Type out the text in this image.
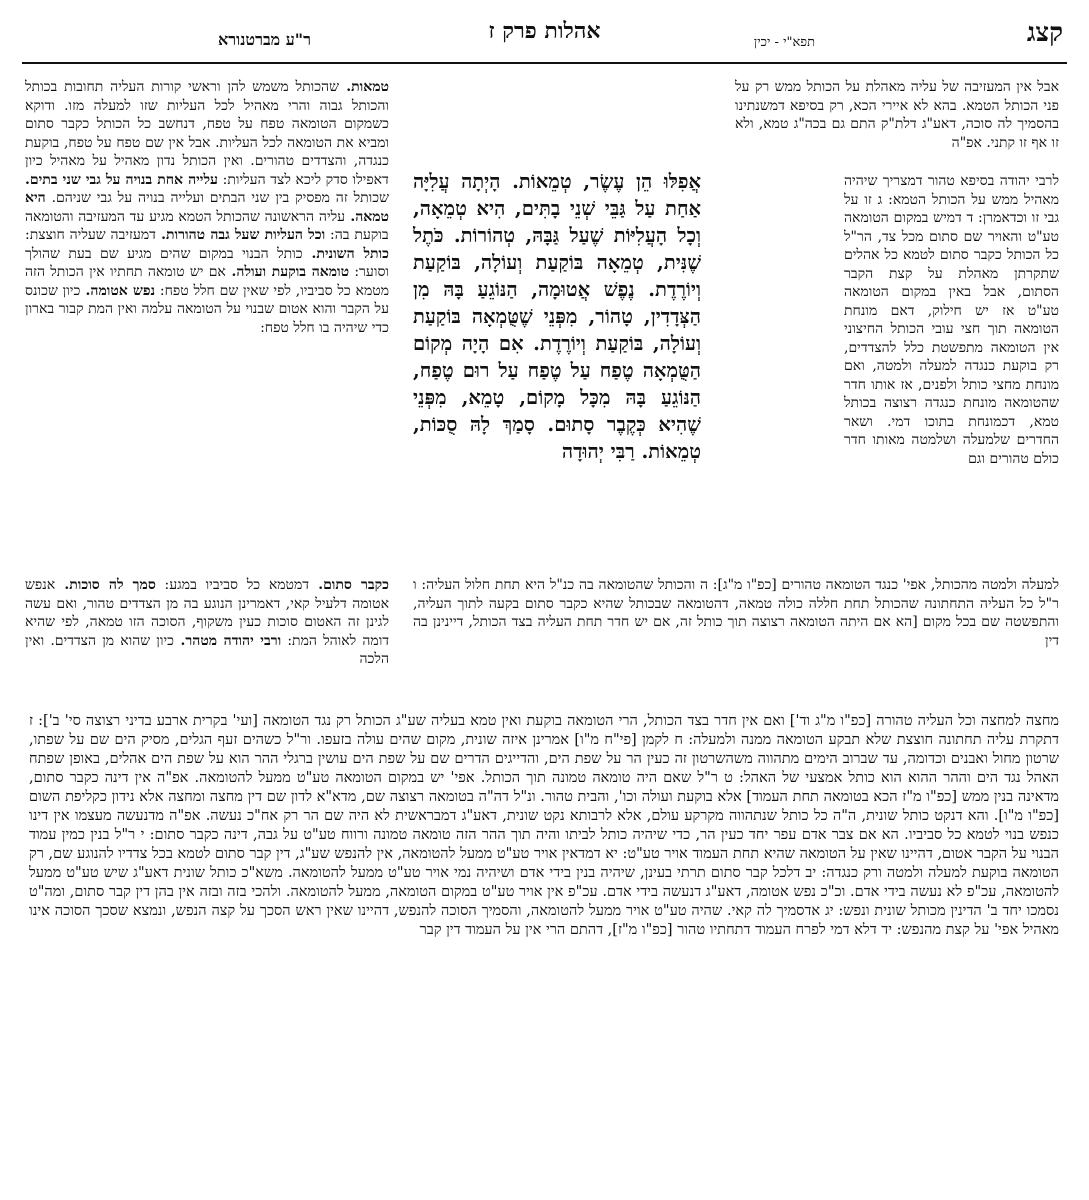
קצג
תפא"י - יכין
אהלות פרק ז
ר"ע מברטנורא
אבל אין המעזיבה של עליה מאהלת על הכותל ממש רק על פני הכותל הטמא. בהא לא איירי הכא, רק בסיפא דמשנתינו בהסמיך לה סוכה, דאע"ג דלת"ק התם גם בכה"ג טמא, ולא זו אף זו קתני. אפ"ה
לרבי יהודה בסיפא טהור דמצריך שיהיה מאהיל ממש על הכותל הטמא: ג זו על גבי זו וכדאמרן: ד דמיש במקום הטומאה טע"ט והאויר שם סתום מכל צד, הר"ל כל הכותל כקבר סתום לטמא כל אהלים שתקרתן מאהלת על קצת הקבר הסתום, אבל באין במקום הטומאה טע"ט אז יש חילוק, דאם מונחת הטומאה תוך חצי עובי הכותל החיצוני אין הטומאה מתפשטת כלל להצדדים, רק בוקעת כנגדה למעלה ולמטה, ואם מונחת מחצי כותל ולפנים, אז אותו חדר שהטומאה מונחת כנגדה רצוצה בכותל טמא, דכמונחת בתוכו דמי. ושאר החדרים שלמעלה ושלמטה מאותו חדר כולם טהורים וגם
אֲפִלּוּ הֵן עֶשֶׂר, טְמֵאוֹת. הָיְתָה עֲלִיָּה אַחַת עַל גַּבֵּי שְׁנֵי בָתִּים, הִיא טְמֵאָה, וְכָל הָעֲלִיּוֹת שֶׁעַל גַּבָּהּ, טְהוֹרוֹת. כֹּתֶל שֶׁנִּית, טְמֵאָה בּוֹקַעַת וְעוֹלָה, בּוֹקַעַת וְיוֹרֶדֶת. נֶפֶשׁ אֲטוּמָה, הַנּוֹגֵעַ בָּהּ מִן הַצְּדָדִין, טָהוֹר, מִפְּנֵי שֶׁטֻּמְאָה בּוֹקַעַת וְעוֹלָה, בּוֹקַעַת וְיוֹרֶדֶת. אִם הָיָה מְקוֹם הַטֻּמְאָה טֶפַח עַל טֶפַח עַל רוּם טֶפַח, הַנּוֹגֵעַ בָּהּ מִכָּל מָקוֹם, טָמֵא, מִפְּנֵי שֶׁהִיא כְּקֶבֶר סָתוּם. סָמַךְ לָהּ סֻכּוֹת, טְמֵאוֹת. רַבִּי יְהוּדָה
טמאות. שהכותל משמש להן וראשי קורות העליה תחובות בכותל והכותל גבוה והרי מאהיל לכל העליות שזו למעלה מזו. ודוקא כשמקום הטומאה טפח על טפח, דנחשב כל הכותל כקבר סתום ומביא את הטומאה לכל העליות. אבל אין שם טפח על טפח, בוקעת כנגדה, והצדדים טהורים. ואין הכותל נדון מאהיל על מאהיל כיון דאפילו סדק ליכא לצד העליות: עלייה אחת בנויה על גבי שני בתים. שכותל זה מפסיק בין שני הבתים ועלייה בנויה על גבי שניהם. היא טמאה. עליה הראשונה שהכותל הטמא מגיע עד המעזיבה והטומאה בוקעת בה: וכל העליות שעל גבה טהורות. דמעזיבה שעליה חוצצת: כותל השונית. כותל הבנוי במקום שהים מגיע שם בעת שהולך וסוער: טומאה בוקעת ועולה. אם יש טומאה תחתיו אין הכותל הזה מטמא כל סביביו, לפי שאין שם חלל טפח: נפש אטומה. כיון שכונס על הקבר והוא אטום שבנוי על הטומאה עלמה ואין המת קבור בארון כדי שיהיה בו חלל טפח:
כקבר סתום. דמטמא כל סביביו במגע: סמך לה סוכות. אנפש אטומה דלעיל קאי, דאמרינן הנוגע בה מן הצדדים טהור, ואם עשה לגינן זה האטום סוכות כעין משקוף, הסוכה הזו טמאה, לפי שהיא דומה לאוהל המת: ורבי יהודה מטהר. כיון שהוא מן הצדדים. ואין הלכה
למעלה ולמטה מהכותל, אפי' כנגד הטומאה טהורים [כפ"ו מ"ג]: ה והכותל שהטומאה בה כנ"ל היא תחת חלול העליה: ו ר"ל כל העליה התחתונה שהכותל תחת חללה כולה טמאה, דהטומאה שבכותל שהיא כקבר סתום בקעה לתוך העליה, והתפשטה שם בכל מקום [הא אם היתה הטומאה רצוצה תוך כותל זה, אם יש חדר תחת העליה בצד הכותל, דיינינן בה דין
מחצה למחצה וכל העליה טהורה [כפ"ו מ"ג וד'] ואם אין חדר בצד הכותל, הרי הטומאה בוקעת ואין טמא בעליה שע"ג הכותל רק נגד הטומאה [ועי' בקרית ארבע בדיני רצוצה סי' ב']: ז דתקרת עליה תחתונה חוצצת שלא תבקע הטומאה ממנה ולמעלה: ח לקמן [פי"ח מ"ו] אמרינן איזה שונית, מקום שהים עולה בזעפו. ור"ל כשהים זעף הגלים, מסיק הים שם על שפתו, שרטון מחול ואבנים וכדומה, עד שברוב הימים מתהווה משהשרטון זה כעין הר על שפת הים, והדייגים הדרים שם על שפת הים עושין ברגלי ההר הוא על שפת הים אהלים, באופן שפתח האהל נגד הים וההר ההוא הוא כותל אמצעי של האהל: ט ר"ל שאם היה טומאה טמונה תוך הכותל. אפי' יש במקום הטומאה טע"ט ממעל להטומאה. אפ"ה אין דינה כקבר סתום, מדאינה בנין ממש [כפ"ו מ"ז הכא בטומאה תחת העמוד] אלא בוקעת ועולה וכו', והבית טהור. ונ"ל דה"ה בטומאה רצוצה שם, מדא"א לדון שם דין מחצה ומחצה אלא נידון כקליפת השום [כפ"ו מ"ו]. והא דנקט כותל שונית, ה"ה כל כותל שנתהווה מקרקע עולם, אלא לרבותא נקט שונית, דאע"ג דמבראשית לא היה שם הר רק אח"כ נעשה. אפ"ה מדנעשה מעצמו אין דינו כנפש בנוי לטמא כל סביביו. הא אם צבר אדם עפר יחד כעין הר, כדי שיהיה כותל לביתו והיה תוך ההר הזה טומאה טמונה ורווח טע"ט על גבה, דינה כקבר סתום: י ר"ל בנין כמין עמוד הבנוי על הקבר אטום, דהיינו שאין על הטומאה שהיא תחת העמוד אויר טע"ט: יא דמדאין אויר טע"ט ממעל להטומאה, אין להנפש שע"ג, דין קבר סתום לטמא בכל צדדיו להנוגע שם, רק הטומאה בוקעת למעלה ולמטה ורק כנגדה: יב דלכל קבר סתום תרתי בעינן, שיהיה בנין בידי אדם ושיהיה נמי אויר טע"ט ממעל להטומאה. משא"כ כותל שונית דאע"ג שיש טע"ט ממעל להטומאה, עכ"פ לא נעשה בידי אדם. וכ"כ נפש אטומה, דאע"ג דנעשה בידי אדם. עכ"פ אין אויר טע"ט במקום הטומאה, ממעל להטומאה. ולהכי בזה ובזה אין בהן דין קבר סתום, ומה"ט נסמכו יחד ב' הדינין מכותל שונית ונפש: יג אדסמיך לה קאי. שהיה טע"ט אויר ממעל להטומאה, והסמיך הסוכה להנפש, דהיינו שאין ראש הסכך על קצה הנפש, ונמצא שסכך הסוכה אינו מאהיל אפי' על קצת מהנפש: יד דלא דמי לפרח העמוד דתחתיו טהור [כפ"ו מ"ז], דהתם הרי אין על העמוד דין קבר
